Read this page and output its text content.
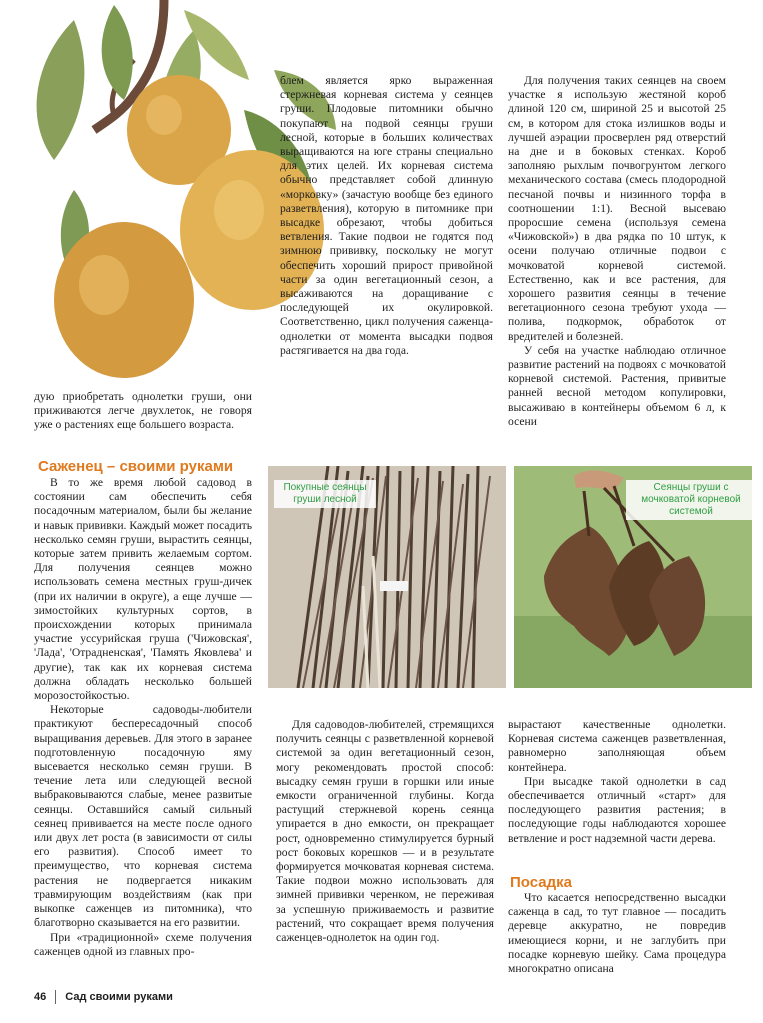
дую приобретать однолетки груши, они приживаются легче двухлеток, не говоря уже о растениях еще большего возраста.

Саженец – своими руками

В то же время любой садовод в состоянии сам обеспечить себя посадочным материалом, были бы желание и навык прививки. Каждый может посадить несколько семян груши, вырастить сеянцы, которые затем привить желаемым сортом. Для получения сеянцев можно использовать семена местных груш-дичек (при их наличии в округе), а еще лучше — зимостойких культурных сортов, в происхождении которых принимала участие уссурийская груша ('Чижовская', 'Лада', 'Отрадненская', 'Память Яковлева' и другие), так как их корневая система должна обладать несколько большей морозостойкостью.

Некоторые садоводы-любители практикуют беспересадочный способ выращивания деревьев. Для этого в заранее подготовленную посадочную яму высевается несколько семян груши. В течение лета или следующей весной выбраковываются слабые, менее развитые сеянцы. Оставшийся самый сильный сеянец прививается на месте после одного или двух лет роста (в зависимости от силы его развития). Способ имеет то преимущество, что корневая система растения не подвергается никаким травмирующим воздействиям (как при выкопке саженцев из питомника), что благотворно сказывается на его развитии.

При «традиционной» схеме получения саженцев одной из главных про-

блем является ярко выраженная стержневая корневая система у сеянцев груши. Плодовые питомники обычно покупают на подвой сеянцы груши лесной, которые в больших количествах выращиваются на юге страны специально для этих целей. Их корневая система обычно представляет собой длинную «морковку» (зачастую вообще без единого разветвления), которую в питомнике при высадке обрезают, чтобы добиться ветвления. Такие подвои не годятся под зимнюю прививку, поскольку не могут обеспечить хороший прирост привойной части за один вегетационный сезон, а высаживаются на доращивание с последующей их окулировкой. Соответственно, цикл получения саженца-однолетки от момента высадки подвоя растягивается на два года.

Для получения таких сеянцев на своем участке я использую жестяной короб длиной 120 см, шириной 25 и высотой 25 см, в котором для стока излишков воды и лучшей аэрации просверлен ряд отверстий на дне и в боковых стенках. Короб заполняю рыхлым почвогрунтом легкого механического состава (смесь плодородной песчаной почвы и низинного торфа в соотношении 1:1). Весной высеваю проросшие семена (используя семена «Чижовской») в два рядка по 10 штук, к осени получаю отличные подвои с мочковатой корневой системой. Естественно, как и все растения, для хорошего развития сеянцы в течение вегетационного сезона требуют ухода — полива, подкормок, обработок от вредителей и болезней.

У себя на участке наблюдаю отличное развитие растений на подвоях с мочковатой корневой системой. Растения, привитые ранней весной методом копулировки, высаживаю в контейнеры объемом 6 л, к осени

Покупные сеянцы груши лесной
Сеянцы груши с мочковатой корневой системой

Для садоводов-любителей, стремящихся получить сеянцы с разветвленной корневой системой за один вегетационный сезон, могу рекомендовать простой способ: высадку семян груши в горшки или иные емкости ограниченной глубины. Когда растущий стержневой корень сеянца упирается в дно емкости, он прекращает рост, одновременно стимулируется бурный рост боковых корешков — и в результате формируется мочковатая корневая система. Такие подвои можно использовать для зимней прививки черенком, не переживая за успешную приживаемость и развитие растений, что сокращает время получения саженцев-однолеток на один год.

вырастают качественные однолетки. Корневая система саженцев разветвленная, равномерно заполняющая объем контейнера.

При высадке такой однолетки в сад обеспечивается отличный «старт» для последующего развития растения; в последующие годы наблюдаются хорошее ветвление и рост надземной части дерева.

Посадка

Что касается непосредственно высадки саженца в сад, то тут главное — посадить деревце аккуратно, не повредив имеющиеся корни, и не заглубить при посадке корневую шейку. Сама процедура многократно описана

46 Сад своими руками
